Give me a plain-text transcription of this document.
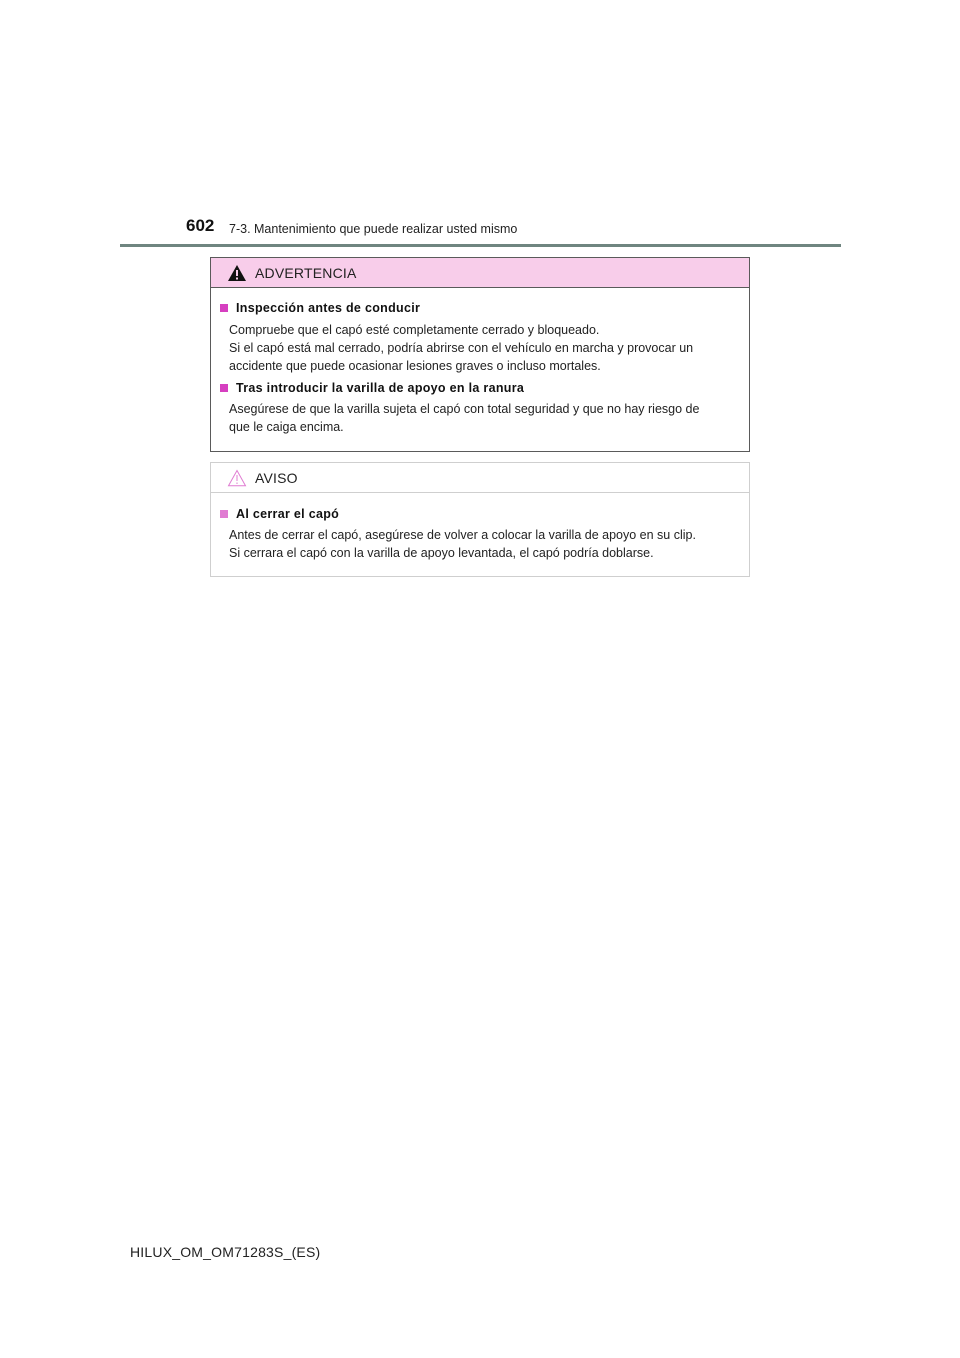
602 7-3. Mantenimiento que puede realizar usted mismo
ADVERTENCIA
Inspección antes de conducir
Compruebe que el capó esté completamente cerrado y bloqueado.
Si el capó está mal cerrado, podría abrirse con el vehículo en marcha y provocar un
accidente que puede ocasionar lesiones graves o incluso mortales.
Tras introducir la varilla de apoyo en la ranura
Asegúrese de que la varilla sujeta el capó con total seguridad y que no hay riesgo de
que le caiga encima.
AVISO
Al cerrar el capó
Antes de cerrar el capó, asegúrese de volver a colocar la varilla de apoyo en su clip.
Si cerrara el capó con la varilla de apoyo levantada, el capó podría doblarse.
HILUX_OM_OM71283S_(ES)
